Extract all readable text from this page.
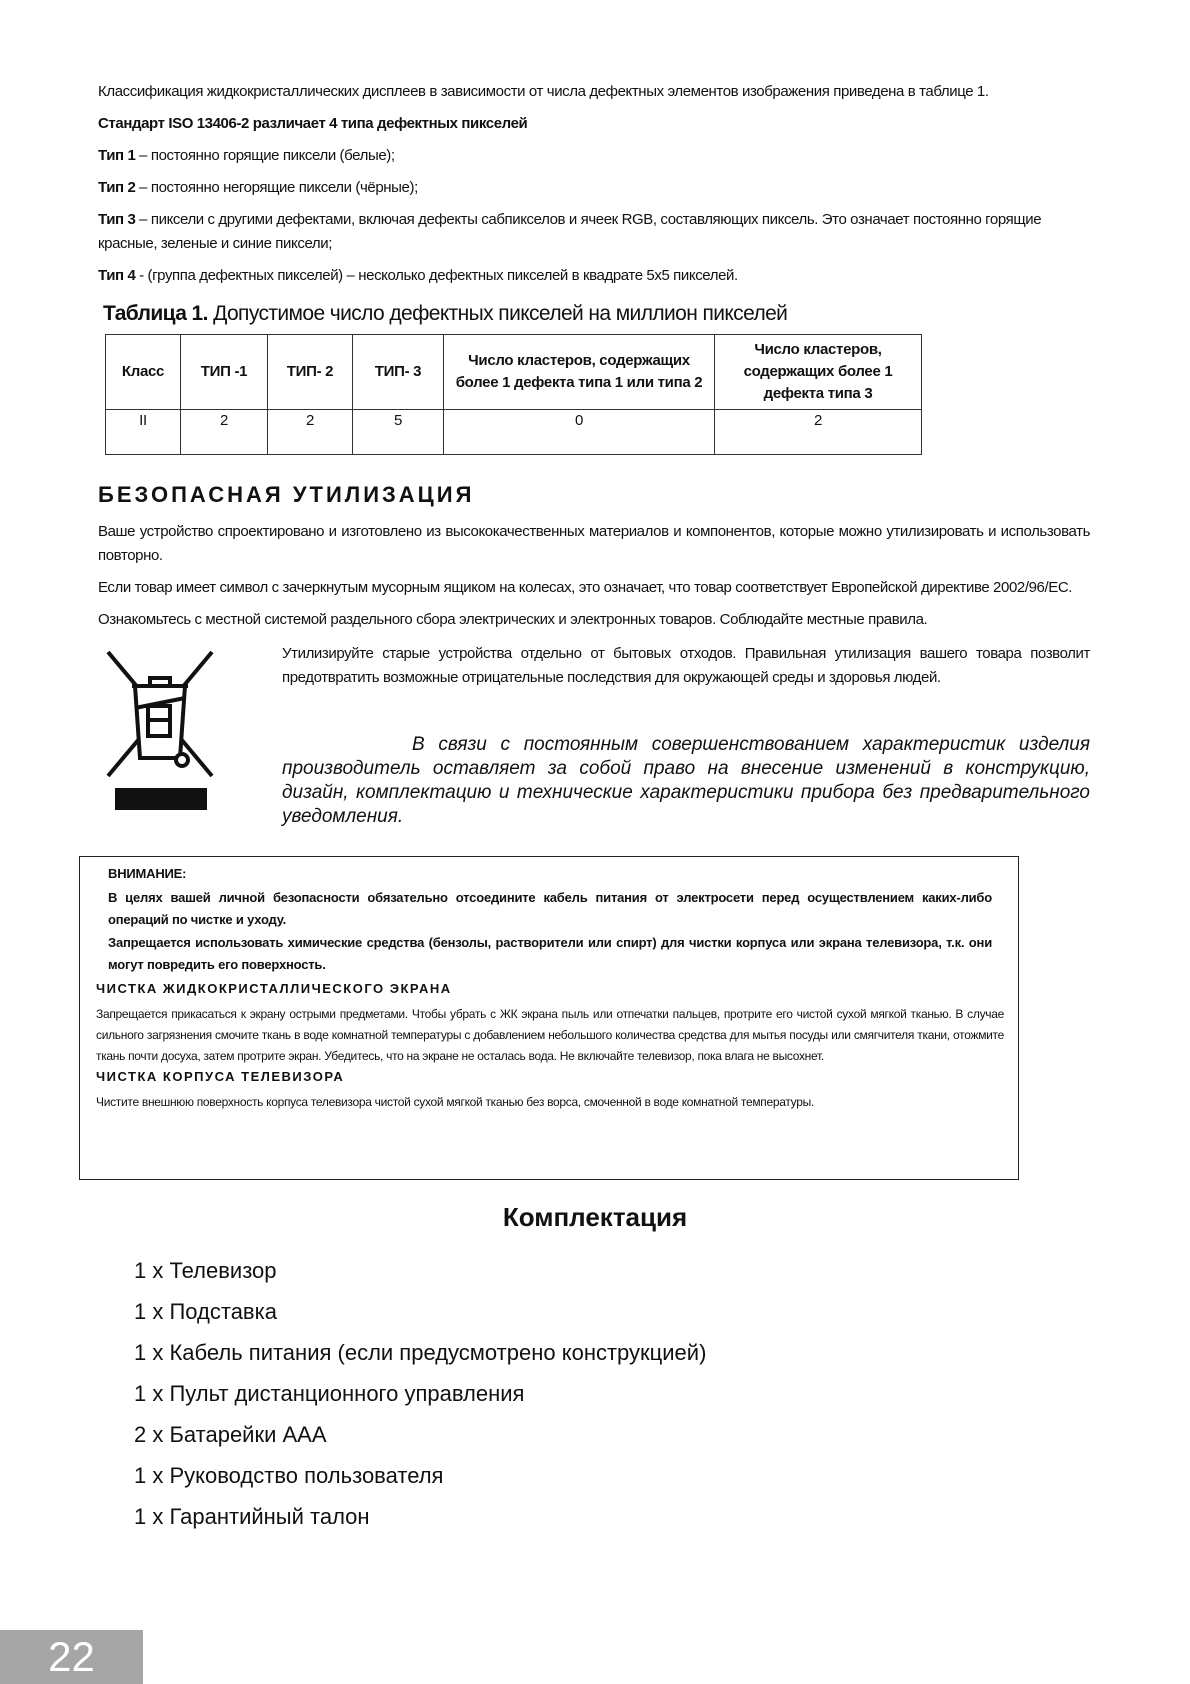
Классификация жидкокристаллических дисплеев в зависимости от числа дефектных элементов изображения приведена в таблице 1.
Стандарт ISO 13406-2 различает 4 типа дефектных пикселей
Тип 1 – постоянно горящие пиксели (белые);
Тип 2 – постоянно негорящие пиксели (чёрные);
Тип 3 – пиксели с другими дефектами, включая дефекты сабпикселов и ячеек RGB, составляющих пиксель. Это означает постоянно горящие красные, зеленые и синие пиксели;
Тип 4 - (группа дефектных пикселей) – несколько дефектных пикселей в квадрате 5х5 пикселей.
Таблица 1. Допустимое число дефектных пикселей на миллион пикселей
Класс	ТИП -1	ТИП- 2	ТИП- 3	Число кластеров, содержащих более 1 дефекта типа 1 или типа 2	Число кластеров, содержащих более 1 дефекта типа 3
II	2	2	5	0	2
БЕЗОПАСНАЯ УТИЛИЗАЦИЯ
Ваше устройство спроектировано и изготовлено из высококачественных материалов и компонентов, которые можно утилизировать и использовать повторно.
Если товар имеет символ с зачеркнутым мусорным ящиком на колесах, это означает, что товар соответствует Европейской директиве 2002/96/ЕС.
Ознакомьтесь с местной системой раздельного сбора электрических и электронных товаров. Соблюдайте местные правила.
Утилизируйте старые устройства отдельно от бытовых отходов. Правильная утилизация вашего товара позволит предотвратить возможные отрицательные последствия для окружающей среды и здоровья людей.
В связи с постоянным совершенствованием характеристик изделия производитель оставляет за собой право на внесение изменений в конструкцию, дизайн, комплектацию и технические характеристики прибора без предварительного уведомления.
ВНИМАНИЕ:
В целях вашей личной безопасности обязательно отсоедините кабель питания от электросети перед осуществлением каких-либо операций по чистке и уходу.
Запрещается использовать химические средства (бензолы, растворители или спирт) для чистки корпуса или экрана телевизора, т.к. они могут повредить его поверхность.
ЧИСТКА ЖИДКОКРИСТАЛЛИЧЕСКОГО ЭКРАНА
Запрещается прикасаться к экрану острыми предметами. Чтобы убрать с ЖК экрана пыль или отпечатки пальцев, протрите его чистой сухой мягкой тканью. В случае сильного загрязнения смочите ткань в воде комнатной температуры с добавлением небольшого количества средства для мытья посуды или смягчителя ткани, отожмите ткань почти досуха, затем протрите экран. Убедитесь, что на экране не осталась вода. Не включайте телевизор, пока влага не высохнет.
ЧИСТКА КОРПУСА ТЕЛЕВИЗОРА
Чистите внешнюю поверхность корпуса телевизора чистой сухой мягкой тканью без ворса, смоченной в воде комнатной температуры.
Комплектация
1 х Телевизор
1 х Подставка
1 х Кабель питания (если предусмотрено конструкцией)
1 х Пульт дистанционного управления
2 х Батарейки ААА
1 х Руководство пользователя
1 х Гарантийный талон
22
